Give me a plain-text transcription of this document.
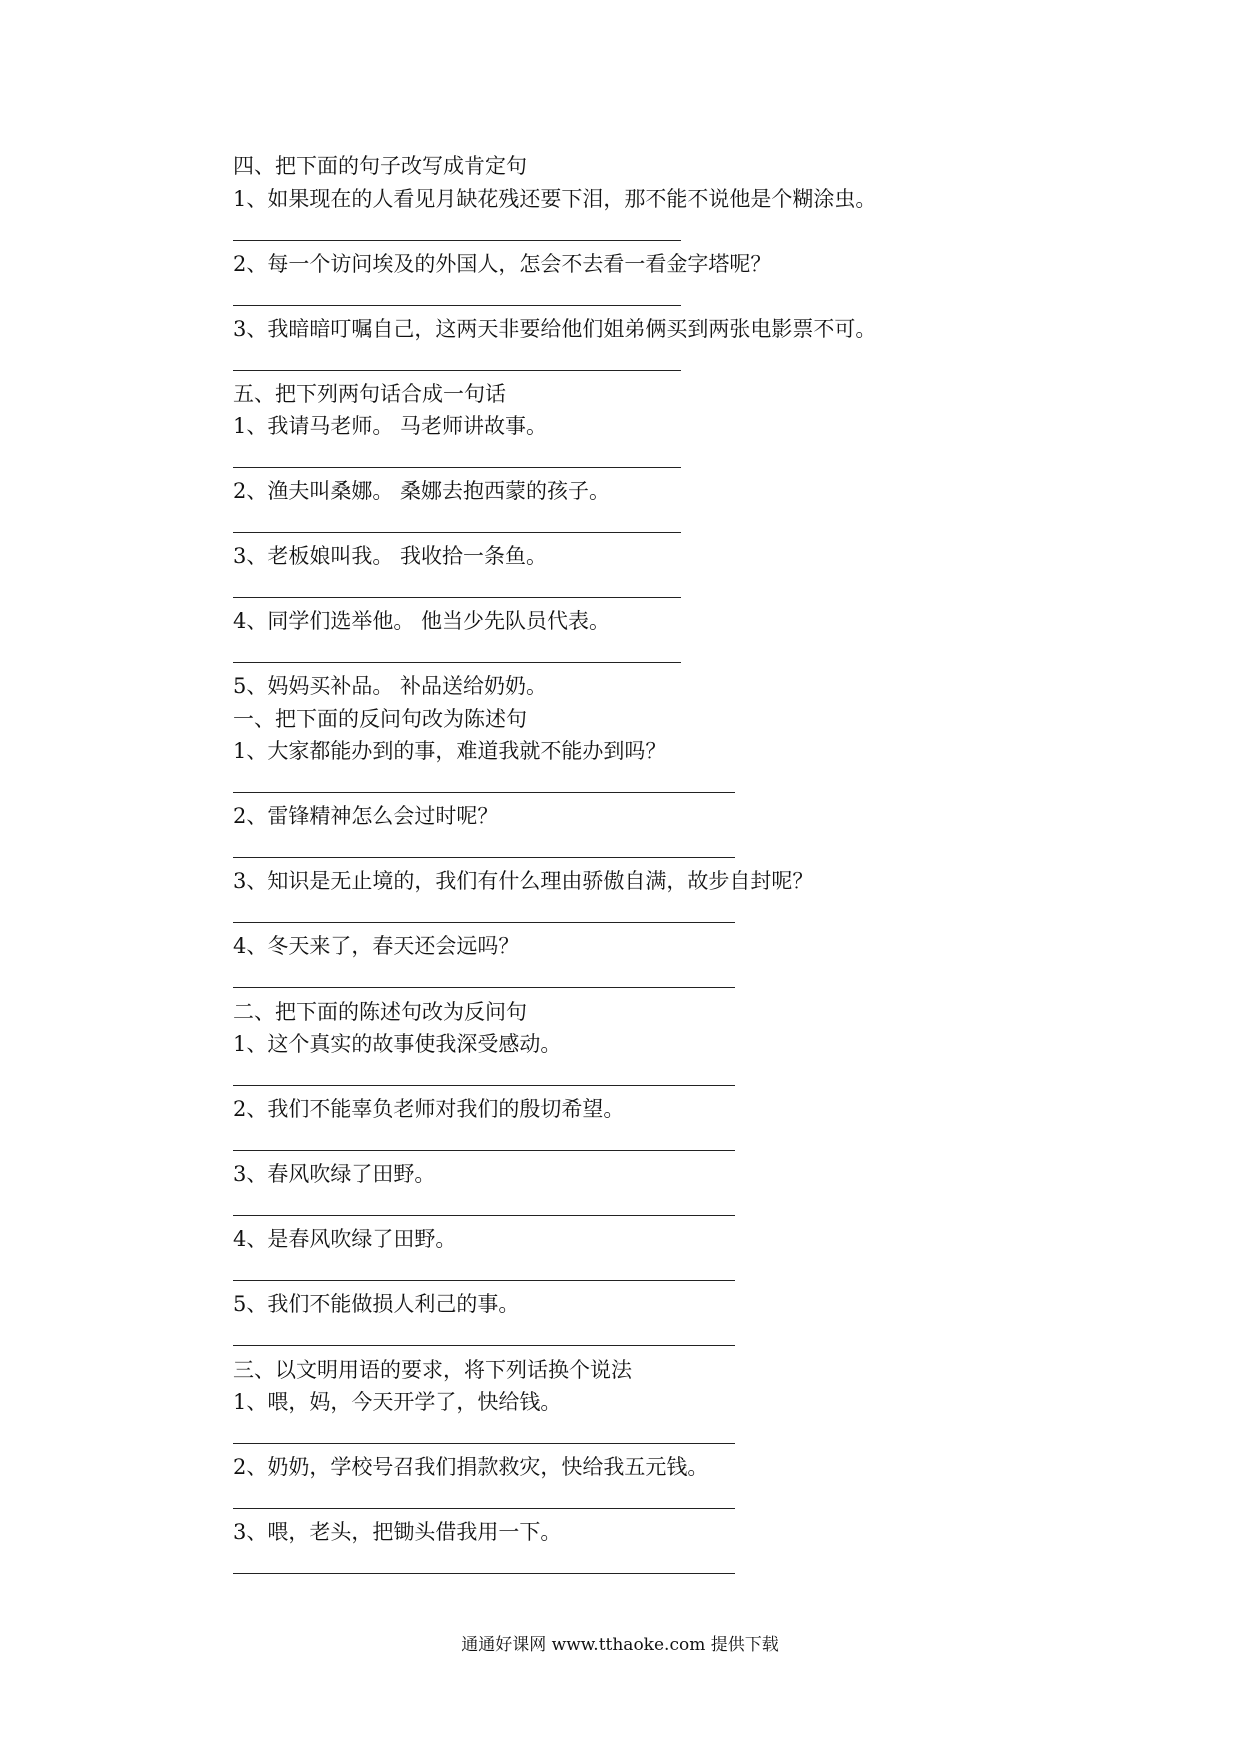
四、把下面的句子改写成肯定句
1、如果现在的人看见月缺花残还要下泪，那不能不说他是个糊涂虫。
2、每一个访问埃及的外国人，怎会不去看一看金字塔呢？
3、我暗暗叮嘱自己，这两天非要给他们姐弟俩买到两张电影票不可。
五、把下列两句话合成一句话
1、我请马老师。 马老师讲故事。
2、渔夫叫桑娜。 桑娜去抱西蒙的孩子。
3、老板娘叫我。 我收拾一条鱼。
4、同学们选举他。 他当少先队员代表。
5、妈妈买补品。 补品送给奶奶。
一、把下面的反问句改为陈述句
1、大家都能办到的事，难道我就不能办到吗？
2、雷锋精神怎么会过时呢？
3、知识是无止境的，我们有什么理由骄傲自满，故步自封呢？
4、冬天来了，春天还会远吗？
二、把下面的陈述句改为反问句
1、这个真实的故事使我深受感动。
2、我们不能辜负老师对我们的殷切希望。
3、春风吹绿了田野。
4、是春风吹绿了田野。
5、我们不能做损人利己的事。
三、以文明用语的要求，将下列话换个说法
1、喂，妈，今天开学了，快给钱。
2、奶奶，学校号召我们捐款救灾，快给我五元钱。
3、喂，老头，把锄头借我用一下。
通通好课网 www.tthaoke.com 提供下载
